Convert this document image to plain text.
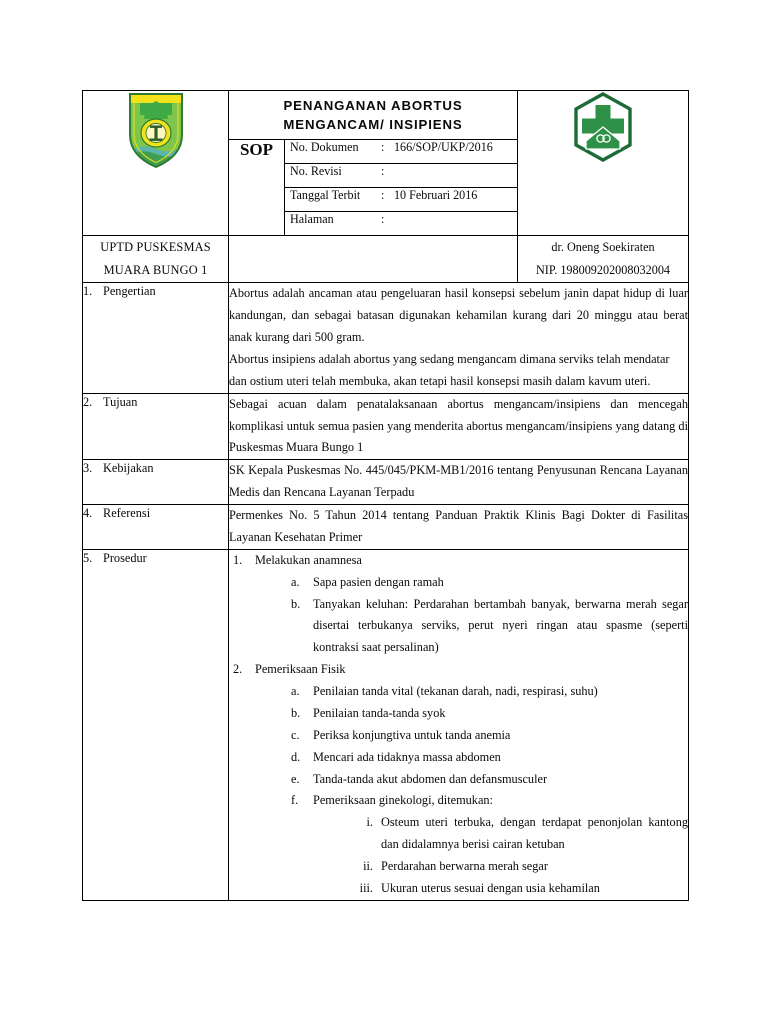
PENANGANAN ABORTUS
MENGANCAM/ INSIPIENS
SOP	No. Dokumen	:	166/SOP/UKP/2016
No. Revisi	:	
Tanggal Terbit	:	10 Februari 2016
Halaman	:	

UPTD PUSKESMAS
MUARA BUNGO 1

dr. Oneng Soekiraten
NIP. 198009202008032004

1. Pengertian	Abortus adalah ancaman atau pengeluaran hasil konsepsi sebelum janin dapat hidup di luar kandungan, dan sebagai batasan digunakan kehamilan kurang dari 20 minggu atau berat anak kurang dari 500 gram.

Abortus insipiens adalah abortus yang sedang mengancam dimana serviks telah mendatar dan ostium uteri telah membuka, akan tetapi hasil konsepsi masih dalam kavum uteri.

2. Tujuan	Sebagai acuan dalam penatalaksanaan abortus mengancam/insipiens dan mencegah komplikasi untuk semua pasien yang menderita abortus mengancam/insipiens yang datang di Puskesmas Muara Bungo 1

3. Kebijakan	SK Kepala Puskesmas No. 445/045/PKM-MB1/2016 tentang Penyusunan Rencana Layanan Medis dan Rencana Layanan Terpadu

4. Referensi	Permenkes No. 5 Tahun 2014 tentang Panduan Praktik Klinis Bagi Dokter di Fasilitas Layanan Kesehatan Primer

5. Prosedur	1.	Melakukan anamnesa
a.	Sapa pasien dengan ramah
b.	Tanyakan keluhan: Perdarahan bertambah banyak, berwarna merah segar disertai terbukanya serviks, perut nyeri ringan atau spasme (seperti kontraksi saat persalinan)
2.	Pemeriksaan Fisik
a.	Penilaian tanda vital (tekanan darah, nadi, respirasi, suhu)
b.	Penilaian tanda-tanda syok
c.	Periksa konjungtiva untuk tanda anemia
d.	Mencari ada tidaknya massa abdomen
e.	Tanda-tanda akut abdomen dan defansmusculer
f.	Pemeriksaan ginekologi, ditemukan:
i. Osteum uteri terbuka, dengan terdapat penonjolan kantong dan didalamnya berisi cairan ketuban
ii. Perdarahan berwarna merah segar
iii. Ukuran uterus sesuai dengan usia kehamilan
